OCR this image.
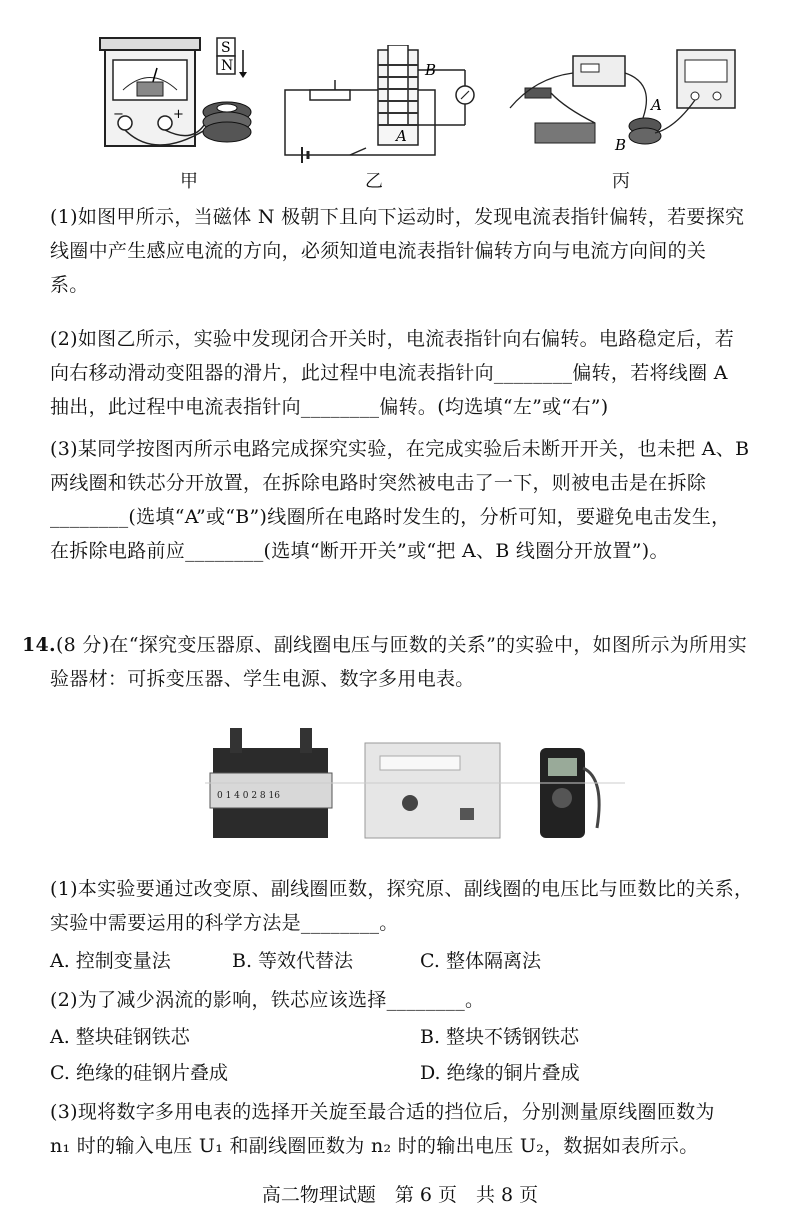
−	+
S
N
甲
B
A
乙
A
B
丙
(1)如图甲所示，当磁体 N 极朝下且向下运动时，发现电流表指针偏转，若要探究
线圈中产生感应电流的方向，必须知道电流表指针偏转方向与电流方向间的关
系。
(2)如图乙所示，实验中发现闭合开关时，电流表指针向右偏转。电路稳定后，若
向右移动滑动变阻器的滑片，此过程中电流表指针向________偏转，若将线圈 A
抽出，此过程中电流表指针向________偏转。(均选填“左”或“右”)
(3)某同学按图丙所示电路完成探究实验，在完成实验后未断开开关，也未把 A、B
两线圈和铁芯分开放置，在拆除电路时突然被电击了一下，则被电击是在拆除
________(选填“A”或“B”)线圈所在电路时发生的，分析可知，要避免电击发生，
在拆除电路前应________(选填“断开开关”或“把 A、B 线圈分开放置”)。
14.(8 分)在“探究变压器原、副线圈电压与匝数的关系”的实验中，如图所示为所用实
验器材：可拆变压器、学生电源、数字多用电表。
0 1 4 0 2 8 16
(1)本实验要通过改变原、副线圈匝数，探究原、副线圈的电压比与匝数比的关系，
实验中需要运用的科学方法是________。
A. 控制变量法	B. 等效代替法	C. 整体隔离法
(2)为了减少涡流的影响，铁芯应该选择________。
A. 整块硅钢铁芯	B. 整块不锈钢铁芯
C. 绝缘的硅钢片叠成	D. 绝缘的铜片叠成
(3)现将数字多用电表的选择开关旋至最合适的挡位后，分别测量原线圈匝数为
n₁ 时的输入电压 U₁ 和副线圈匝数为 n₂ 时的输出电压 U₂，数据如表所示。
高二物理试题　第 6 页　共 8 页
